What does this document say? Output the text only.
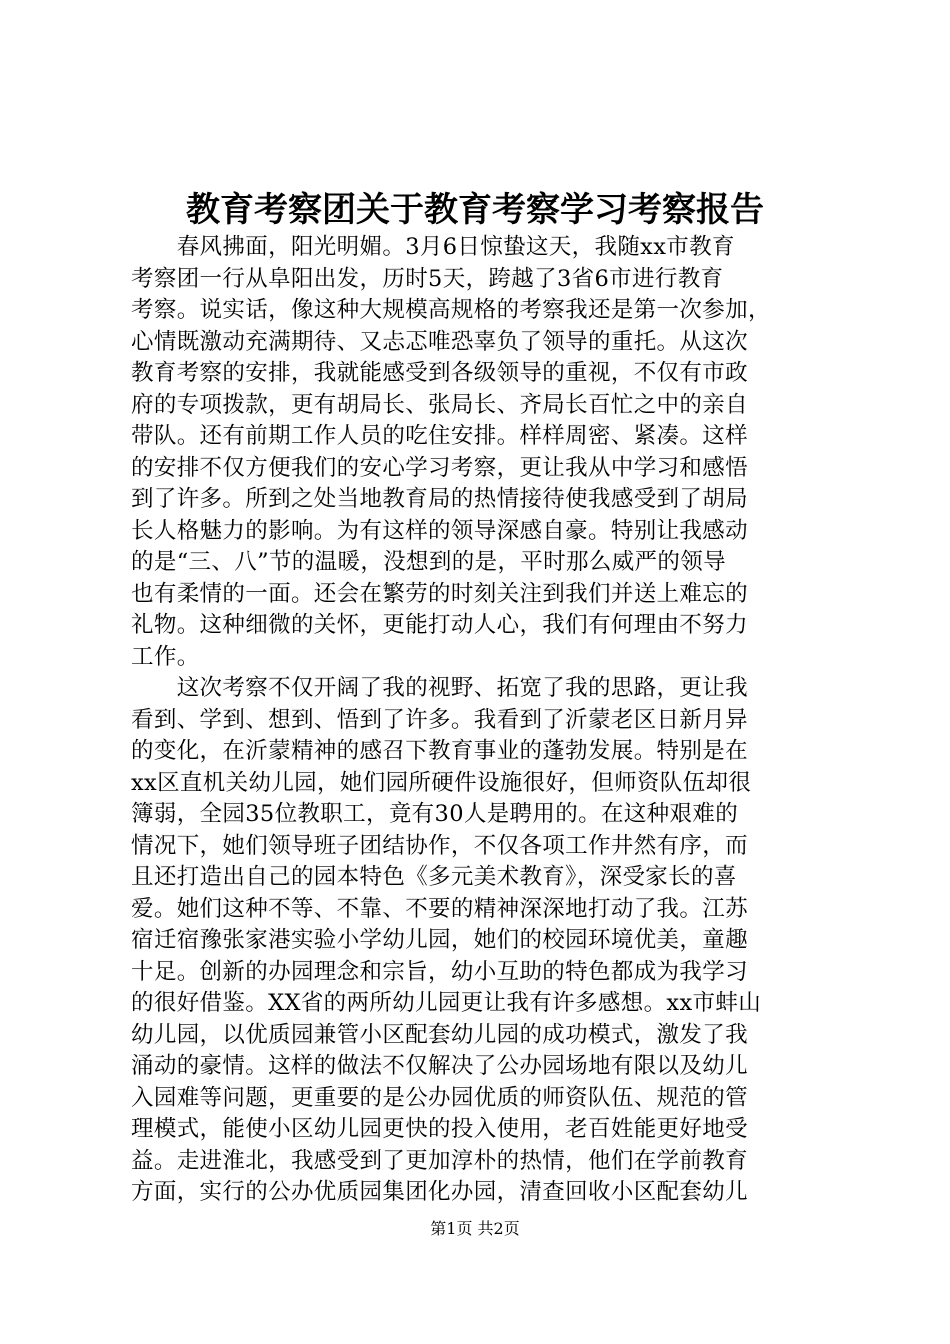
教育考察团关于教育考察学习考察报告
　　春风拂面，阳光明媚。3月6日惊蛰这天，我随xx市教育
考察团一行从阜阳出发，历时5天，跨越了3省6市进行教育
考察。说实话，像这种大规模高规格的考察我还是第一次参加，
心情既激动充满期待、又忐忑唯恐辜负了领导的重托。从这次
教育考察的安排，我就能感受到各级领导的重视，不仅有市政
府的专项拨款，更有胡局长、张局长、齐局长百忙之中的亲自
带队。还有前期工作人员的吃住安排。样样周密、紧凑。这样
的安排不仅方便我们的安心学习考察，更让我从中学习和感悟
到了许多。所到之处当地教育局的热情接待使我感受到了胡局
长人格魅力的影响。为有这样的领导深感自豪。特别让我感动
的是“三、八”节的温暖，没想到的是，平时那么威严的领导
也有柔情的一面。还会在繁劳的时刻关注到我们并送上难忘的
礼物。这种细微的关怀，更能打动人心，我们有何理由不努力
工作。
　　这次考察不仅开阔了我的视野、拓宽了我的思路，更让我
看到、学到、想到、悟到了许多。我看到了沂蒙老区日新月异
的变化，在沂蒙精神的感召下教育事业的蓬勃发展。特别是在
xx区直机关幼儿园，她们园所硬件设施很好，但师资队伍却很
簿弱，全园35位教职工，竟有30人是聘用的。在这种艰难的
情况下，她们领导班子团结协作，不仅各项工作井然有序，而
且还打造出自己的园本特色《多元美术教育》，深受家长的喜
爱。她们这种不等、不靠、不要的精神深深地打动了我。江苏
宿迁宿豫张家港实验小学幼儿园，她们的校园环境优美，童趣
十足。创新的办园理念和宗旨，幼小互助的特色都成为我学习
的很好借鉴。XX省的两所幼儿园更让我有许多感想。xx市蚌山
幼儿园，以优质园兼管小区配套幼儿园的成功模式，激发了我
涌动的豪情。这样的做法不仅解决了公办园场地有限以及幼儿
入园难等问题，更重要的是公办园优质的师资队伍、规范的管
理模式，能使小区幼儿园更快的投入使用，老百姓能更好地受
益。走进淮北，我感受到了更加淳朴的热情，他们在学前教育
方面，实行的公办优质园集团化办园，清查回收小区配套幼儿
第1页 共2页
